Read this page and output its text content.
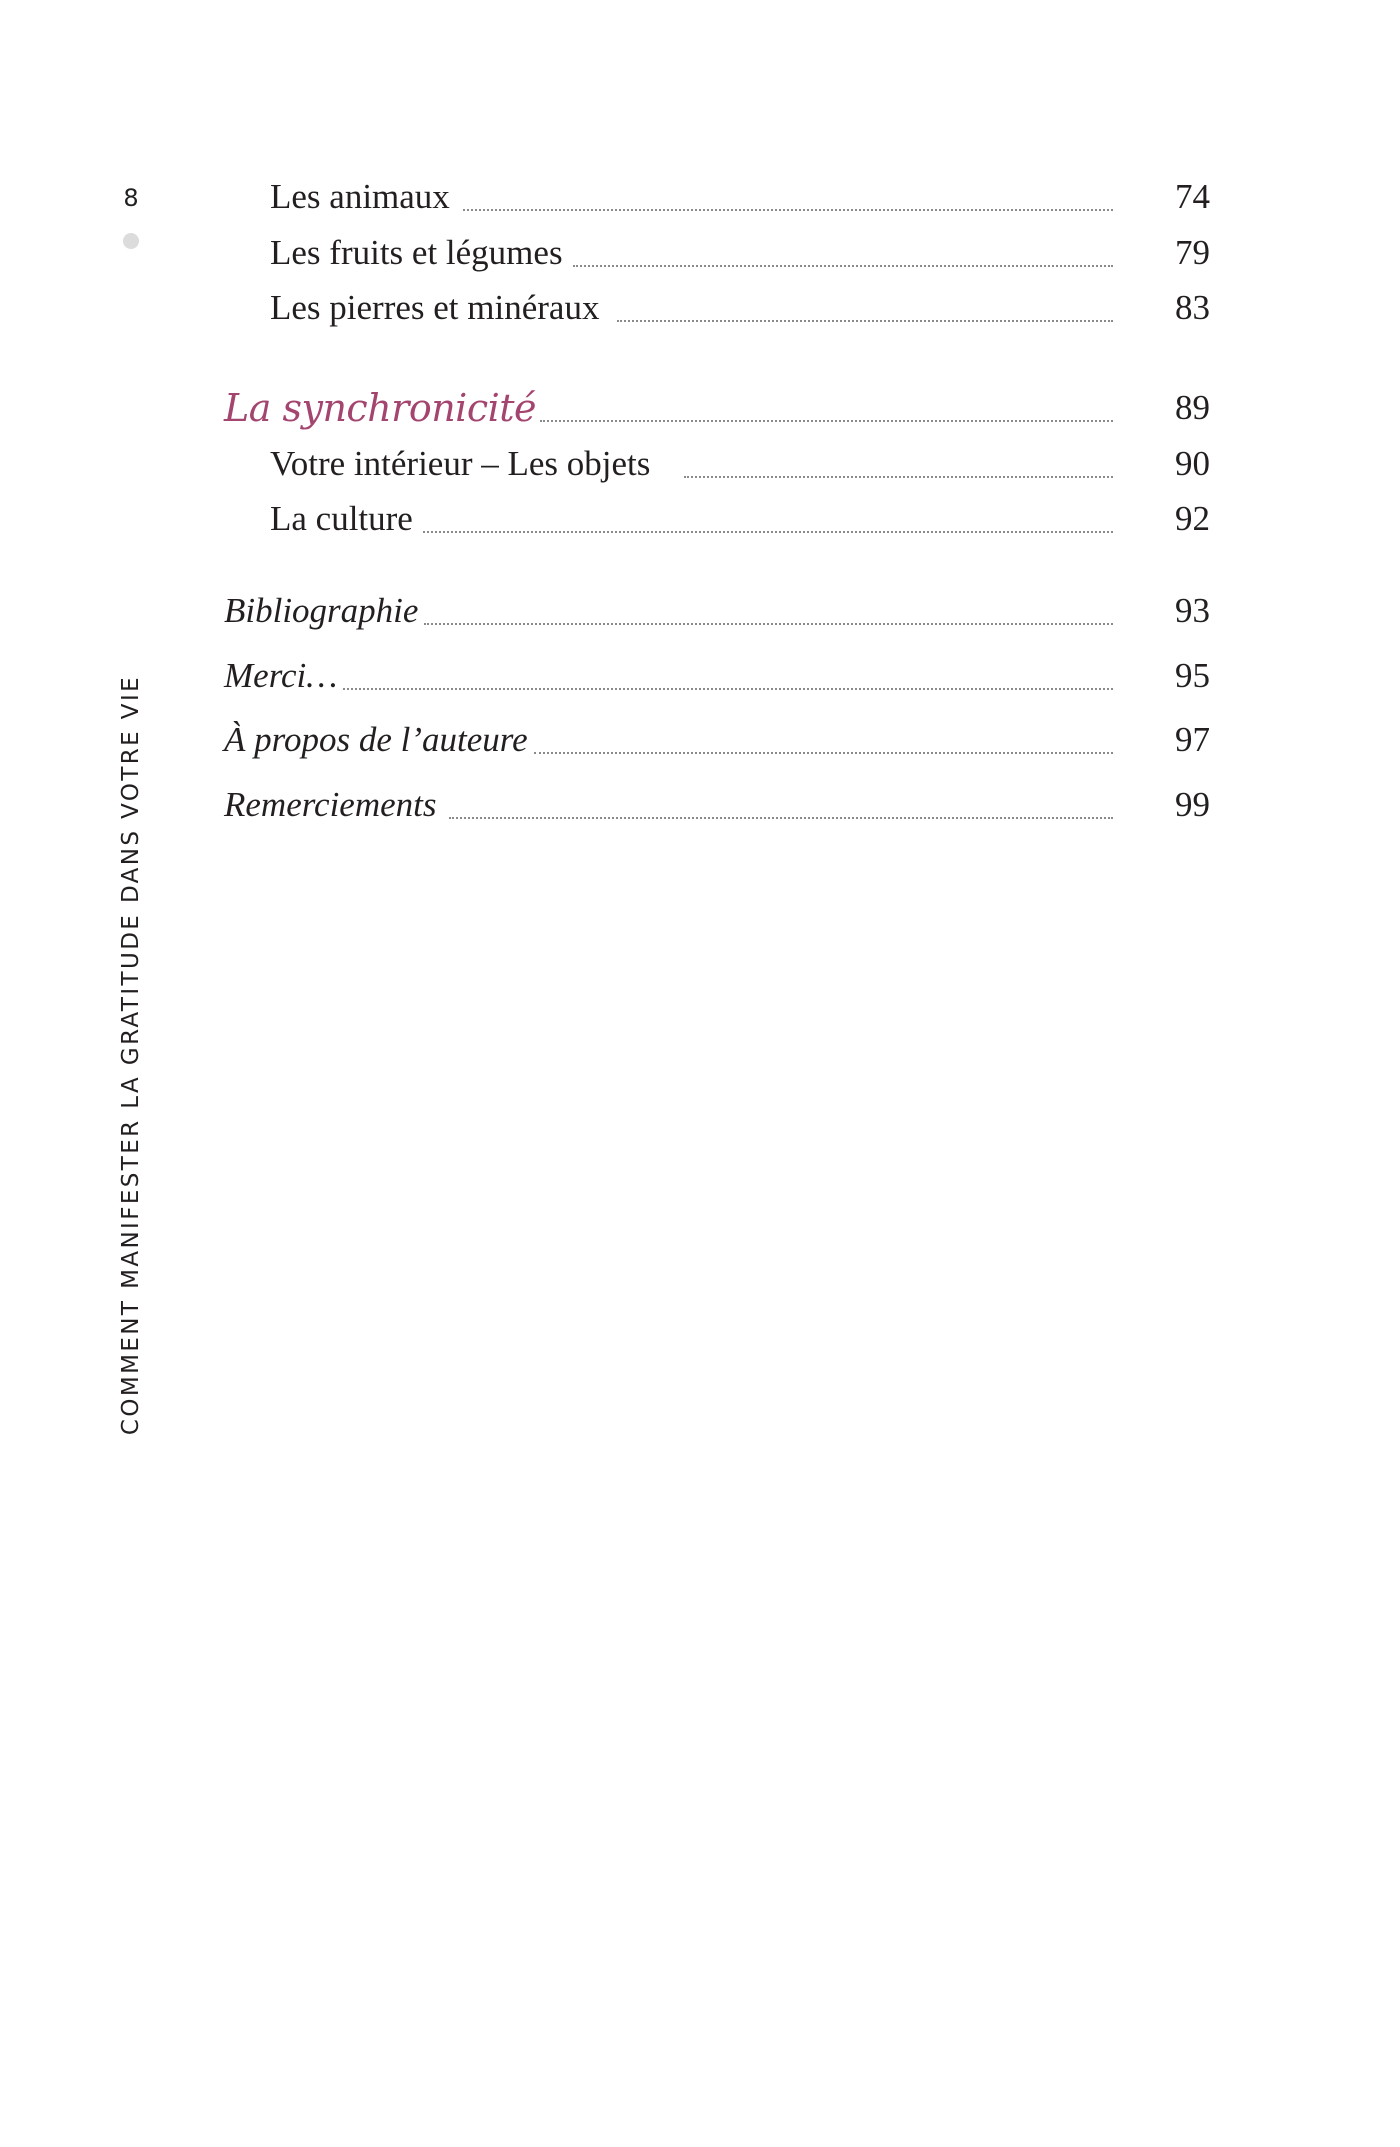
8
COMMENT MANIFESTER LA GRATITUDE DANS VOTRE VIE
Les animaux	74
Les fruits et légumes	79
Les pierres et minéraux	83
La synchronicité	89
Votre intérieur – Les objets	90
La culture	92
Bibliographie	93
Merci…	95
À propos de l’auteure	97
Remerciements	99
